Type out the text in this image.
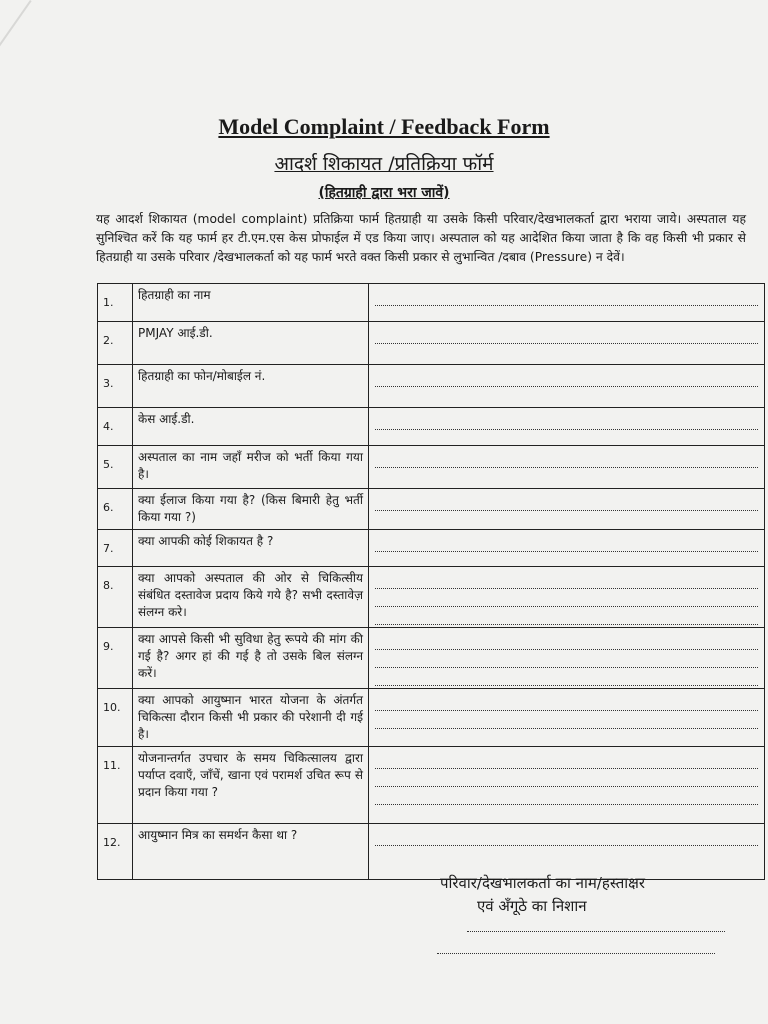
Model Complaint / Feedback Form
आदर्श शिकायत /प्रतिक्रिया फॉर्म
(हितग्राही द्वारा भरा जावें)
यह आदर्श शिकायत (model complaint) प्रतिक्रिया फार्म हितग्राही या उसके किसी परिवार/देखभालकर्ता द्वारा भराया जाये। अस्पताल यह सुनिश्चित करें कि यह फार्म हर टी.एम.एस केस प्रोफाईल में एड किया जाए। अस्पताल को यह आदेशित किया जाता है कि वह किसी भी प्रकार से हितग्राही या उसके परिवार /देखभालकर्ता को यह फार्म भरते वक्त किसी प्रकार से लुभान्वित /दबाव (Pressure) न देवें।
1.	हितग्राही का नाम	

2.	PMJAY आई.डी.	

3.	हितग्राही का फोन/मोबाईल नं.	

4.	केस आई.डी.	

5.	अस्पताल का नाम जहाँ मरीज को भर्ती किया गया है।	

6.	क्या ईलाज किया गया है? (किस बिमारी हेतु भर्ती किया गया ?)	

7.	क्या आपकी कोई शिकायत है ?	

8.	क्या आपको अस्पताल की ओर से चिकित्सीय संबंधित दस्तावेज प्रदाय किये गये है? सभी दस्तावेज़ संलग्न करे।	

9.	क्या आपसे किसी भी सुविधा हेतु रूपये की मांग की गई है? अगर हां की गई है तो उसके बिल संलग्न करें।	

10.	क्या आपको आयुष्मान भारत योजना के अंतर्गत चिकित्सा दौरान किसी भी प्रकार की परेशानी दी गई है।	

11.	योजनान्तर्गत उपचार के समय चिकित्सालय द्वारा पर्याप्त दवाएँ, जाँचें, खाना एवं परामर्श उचित रूप से प्रदान किया गया ?	

12.	आयुष्मान मित्र का समर्थन कैसा था ?	
परिवार/देखभालकर्ता का नाम/हस्ताक्षर
एवं अँगूठे का निशान
